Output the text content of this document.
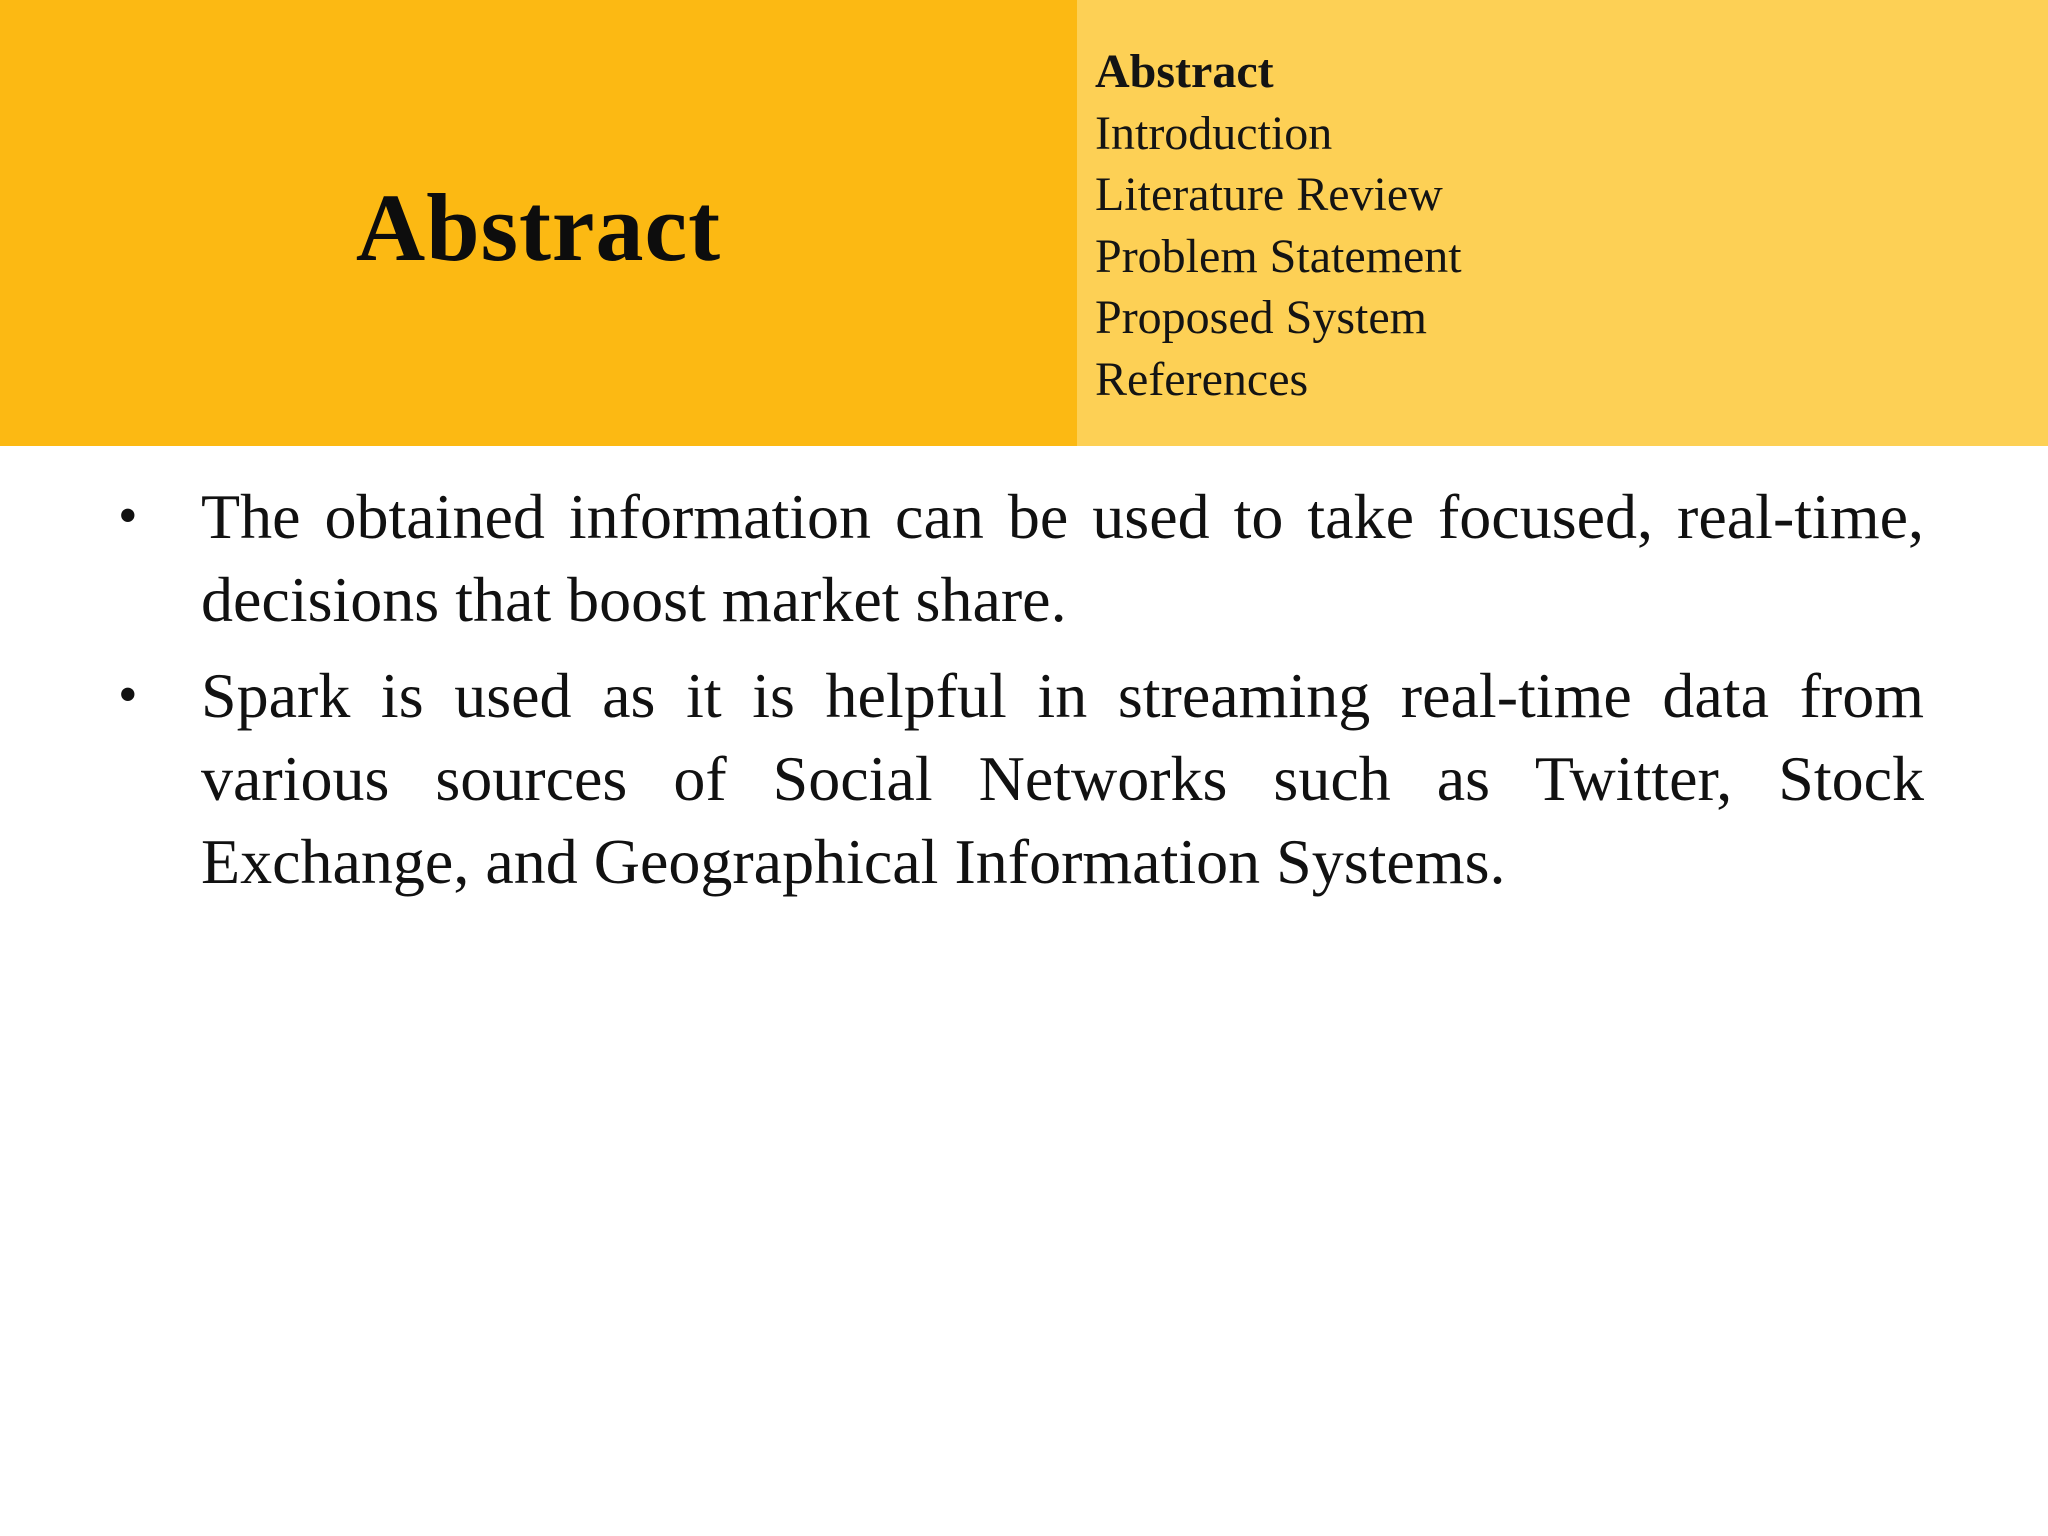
Abstract
Abstract
Introduction
Literature Review
Problem Statement
Proposed System
References
• The obtained information can be used to take focused, real-time, decisions that boost market share.
• Spark is used as it is helpful in streaming real-time data from various sources of Social Networks such as Twitter, Stock Exchange, and Geographical Information Systems.
